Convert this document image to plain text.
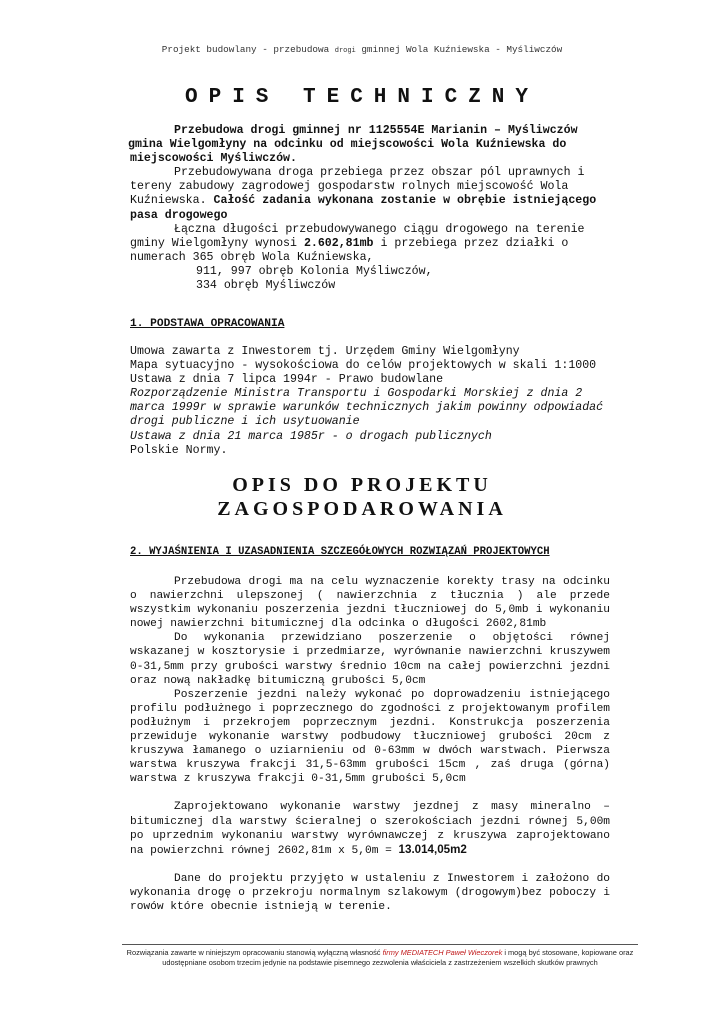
Projekt budowlany - przebudowa drogi gminnej Wola Kuźniewska - Myśliwczów
OPIS TECHNICZNY

Przebudowa drogi gminnej nr 1125554E Marianin – Myśliwczów

gmina Wielgomłyny na odcinku od miejscowości Wola Kuźniewska do

miejscowości Myśliwczów.

Przebudowywana droga przebiega przez obszar pól uprawnych i

tereny zabudowy zagrodowej gospodarstw rolnych miejscowość Wola

Kuźniewska. Całość zadania wykonana zostanie w obrębie istniejącego

pasa drogowego

Łączna długości przebudowywanego ciągu drogowego na terenie

gminy Wielgomłyny wynosi 2.602,81mb i przebiega przez działki o

numerach 365 obręb Wola Kuźniewska,

911, 997 obręb Kolonia Myśliwczów,

334 obręb Myśliwczów

1. PODSTAWA OPRACOWANIA

Umowa zawarta z Inwestorem tj. Urzędem Gminy Wielgomłyny

Mapa sytuacyjno - wysokościowa do celów projektowych w skali 1:1000

Ustawa z dnia 7 lipca 1994r - Prawo budowlane

Rozporządzenie Ministra Transportu i Gospodarki Morskiej z dnia 2

marca 1999r w sprawie warunków technicznych jakim powinny odpowiadać

drogi publiczne i ich usytuowanie

Ustawa z dnia 21 marca 1985r - o drogach publicznych

Polskie Normy.

OPIS DO PROJEKTU
ZAGOSPODAROWANIA
2. WYJAŚNIENIA I UZASADNIENIA SZCZEGÓŁOWYCH ROZWIĄZAŃ PROJEKTOWYCH

Przebudowa drogi ma na celu wyznaczenie korekty trasy na odcinku o nawierzchni ulepszonej ( nawierzchnia z tłucznia ) ale przede wszystkim wykonaniu poszerzenia jezdni tłuczniowej do 5,0mb i wykonaniu nowej nawierzchni bitumicznej dla odcinka o długości 2602,81mb

Do wykonania przewidziano poszerzenie o objętości równej wskazanej w kosztorysie i przedmiarze, wyrównanie nawierzchni kruszywem 0-31,5mm przy grubości warstwy średnio 10cm na całej powierzchni jezdni oraz nową nakładkę bitumiczną grubości 5,0cm

Poszerzenie jezdni należy wykonać po doprowadzeniu istniejącego profilu podłużnego i poprzecznego do zgodności z projektowanym profilem podłużnym i przekrojem poprzecznym jezdni. Konstrukcja poszerzenia przewiduje wykonanie warstwy podbudowy tłuczniowej grubości 20cm z kruszywa łamanego o uziarnieniu od 0-63mm w dwóch warstwach. Pierwsza warstwa kruszywa frakcji 31,5-63mm grubości 15cm , zaś druga (górna) warstwa z kruszywa frakcji 0-31,5mm grubości 5,0cm

Zaprojektowano wykonanie warstwy jezdnej z masy mineralno – bitumicznej dla warstwy ścieralnej o szerokościach jezdni równej 5,00m po uprzednim wykonaniu warstwy wyrównawczej z kruszywa zaprojektowano na powierzchni równej 2602,81m x 5,0m = 13.014,05m2

Dane do projektu przyjęto w ustaleniu z Inwestorem i założono do wykonania drogę o przekroju normalnym szlakowym (drogowym)bez poboczy i rowów które obecnie istnieją w terenie.

Rozwiązania zawarte w niniejszym opracowaniu stanowią wyłączną własność firmy MEDIATECH Paweł Wieczorek i mogą być stosowane, kopiowane oraz
udostępniane osobom trzecim jedynie na podstawie pisemnego zezwolenia właściciela z zastrzeżeniem wszelkich skutków prawnych
